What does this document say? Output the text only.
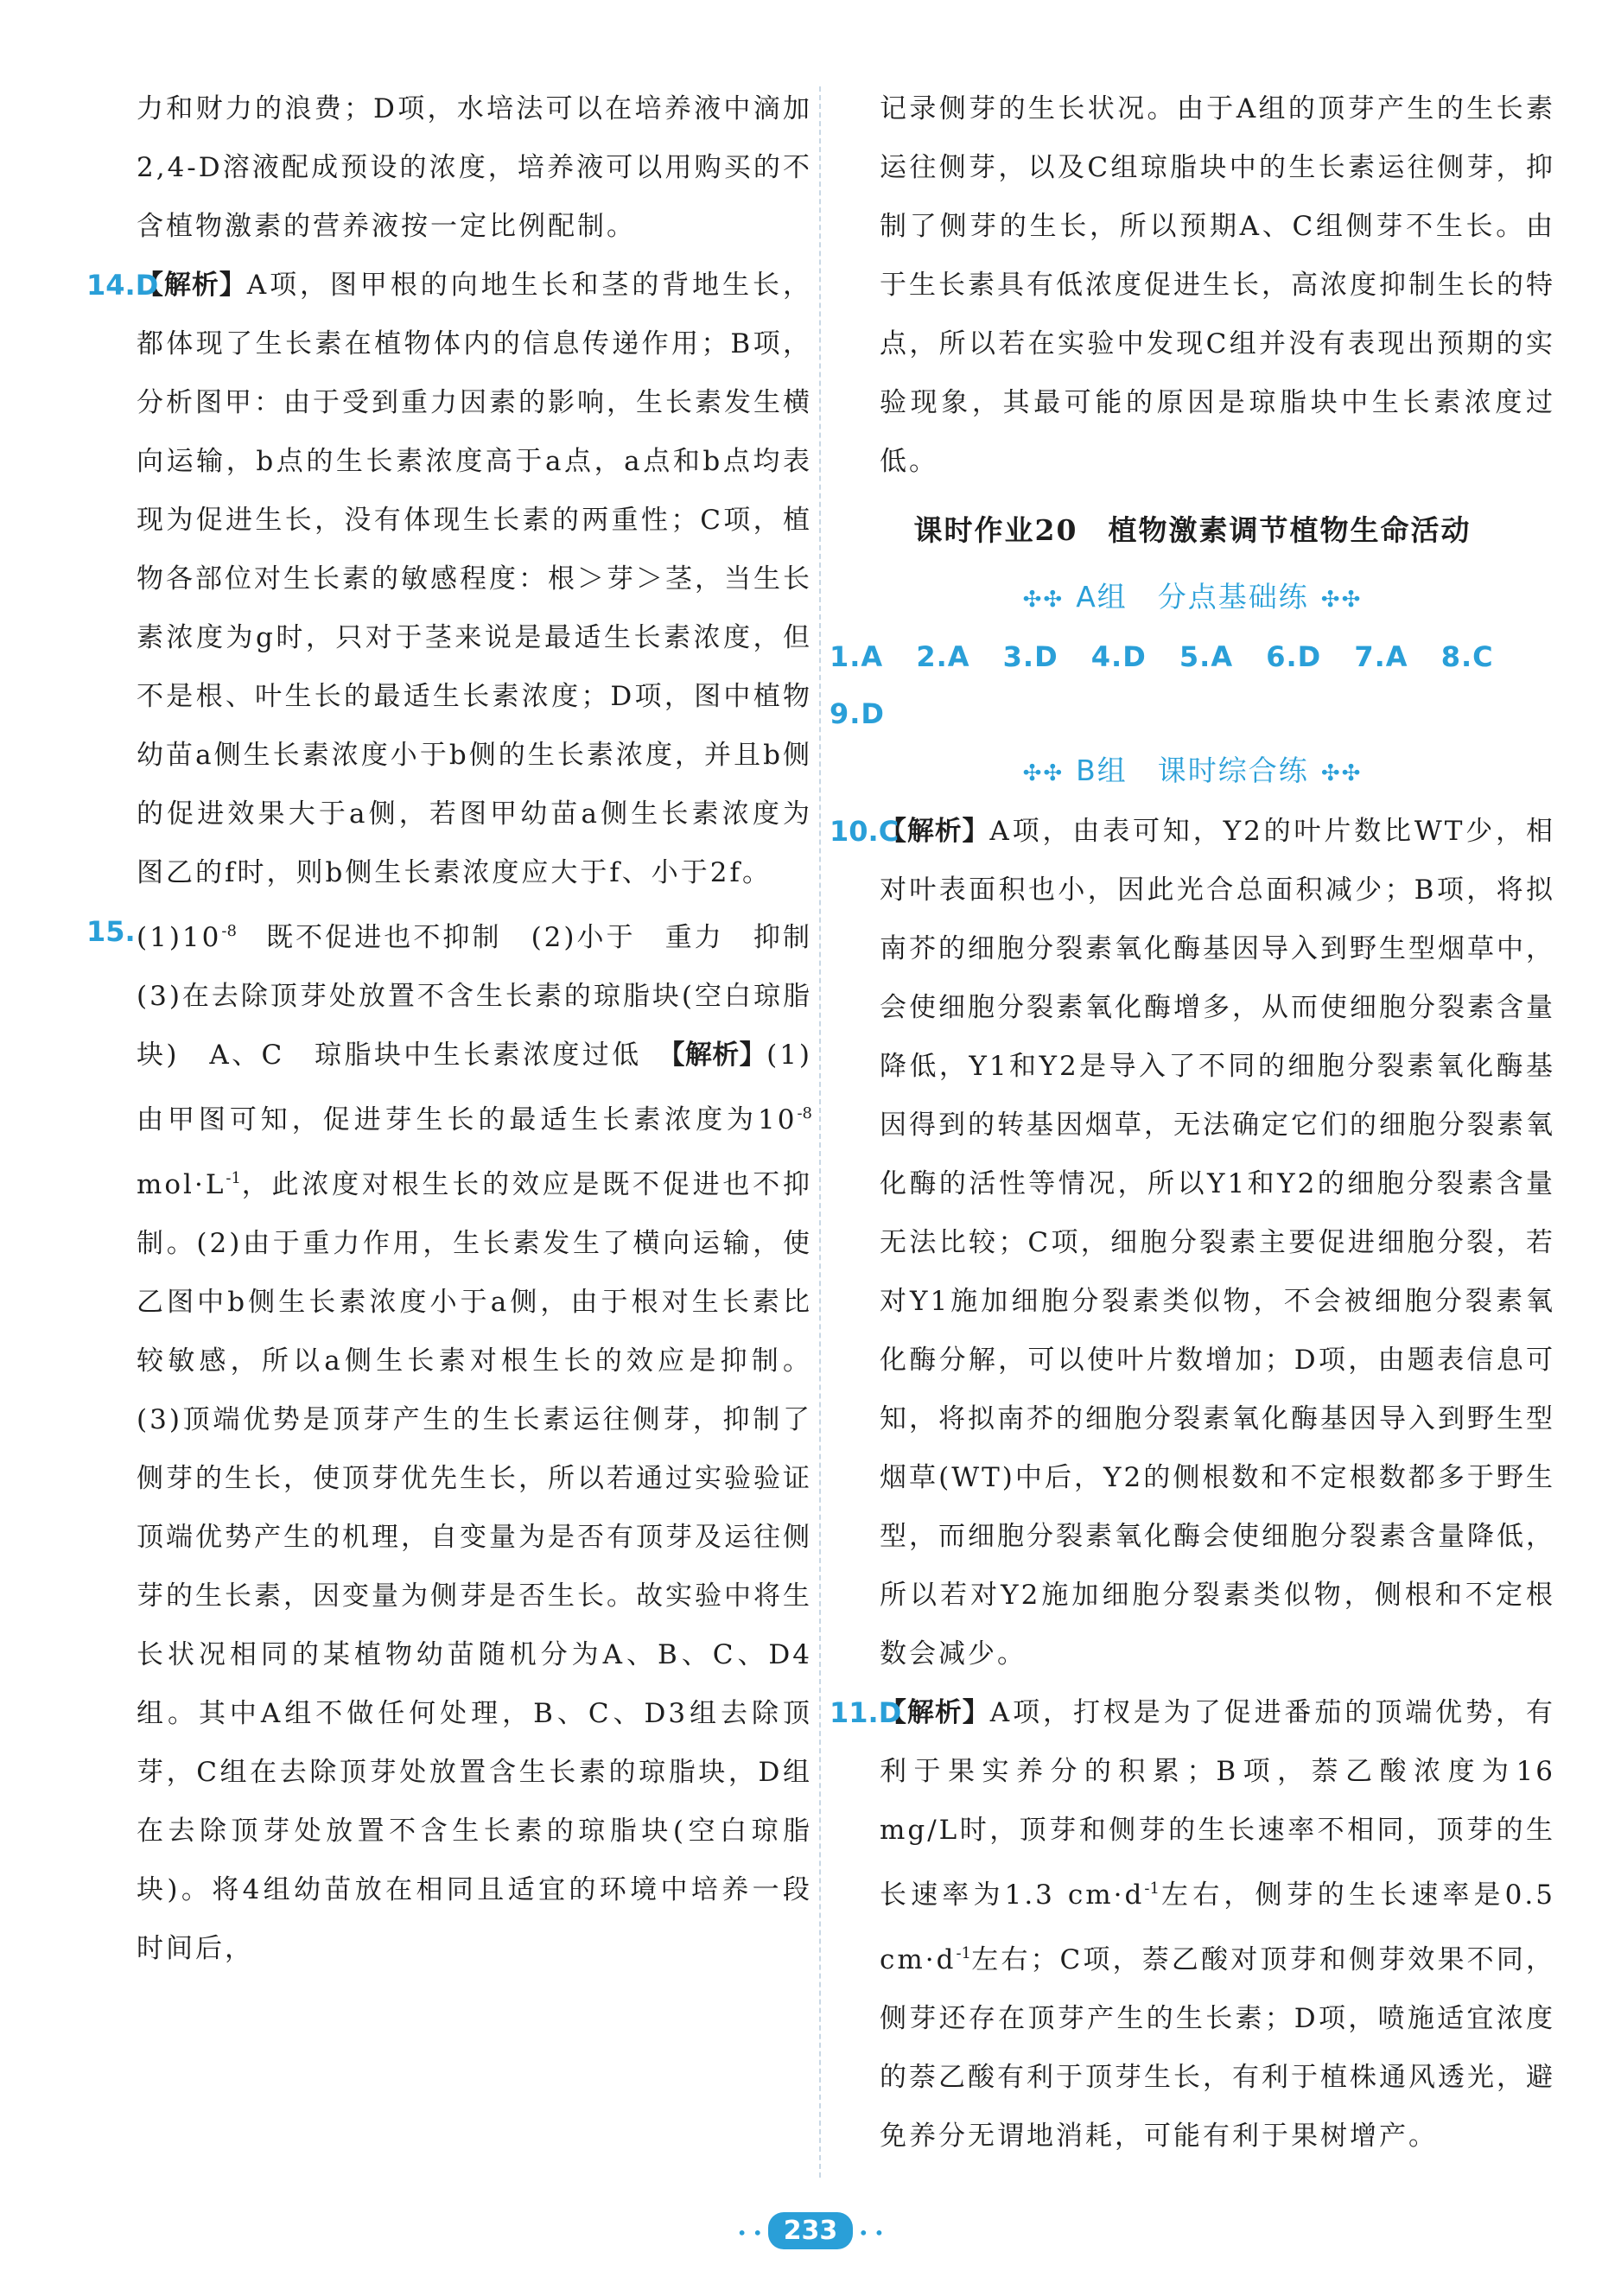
力和财力的浪费；D项，水培法可以在培养液中滴加2,4-D溶液配成预设的浓度，培养液可以用购买的不含植物激素的营养液按一定比例配制。

14.D

【解析】A项，图甲根的向地生长和茎的背地生长，都体现了生长素在植物体内的信息传递作用；B项，分析图甲：由于受到重力因素的影响，生长素发生横向运输，b点的生长素浓度高于a点，a点和b点均表现为促进生长，没有体现生长素的两重性；C项，植物各部位对生长素的敏感程度：根＞芽＞茎，当生长素浓度为g时，只对于茎来说是最适生长素浓度，但不是根、叶生长的最适生长素浓度；D项，图中植物幼苗a侧生长素浓度小于b侧的生长素浓度，并且b侧的促进效果大于a侧，若图甲幼苗a侧生长素浓度为图乙的f时，则b侧生长素浓度应大于f、小于2f。

15. $(1)10^{-8}$　既不促进也不抑制　(2)小于　重力　抑制　(3)在去除顶芽处放置不含生长素的琼脂块(空白琼脂块)　A、C　琼脂块中生长素浓度过低　【解析】(1)由甲图可知，促进芽生长的最适生长素浓度为$10^{-8}$ $mol\cdot L^{-1}$，此浓度对根生长的效应是既不促进也不抑制。(2)由于重力作用，生长素发生了横向运输，使乙图中b侧生长素浓度小于a侧，由于根对生长素比较敏感，所以a侧生长素对根生长的效应是抑制。(3)顶端优势是顶芽产生的生长素运往侧芽，抑制了侧芽的生长，使顶芽优先生长，所以若通过实验验证顶端优势产生的机理，自变量为是否有顶芽及运往侧芽的生长素，因变量为侧芽是否生长。故实验中将生长状况相同的某植物幼苗随机分为A、B、C、D4组。其中A组不做任何处理，B、C、D3组去除顶芽，C组在去除顶芽处放置含生长素的琼脂块，D组在去除顶芽处放置不含生长素的琼脂块(空白琼脂块)。将4组幼苗放在相同且适宜的环境中培养一段时间后，

记录侧芽的生长状况。由于A组的顶芽产生的生长素运往侧芽，以及C组琼脂块中的生长素运往侧芽，抑制了侧芽的生长，所以预期A、C组侧芽不生长。由于生长素具有低浓度促进生长，高浓度抑制生长的特点，所以若在实验中发现C组并没有表现出预期的实验现象，其最可能的原因是琼脂块中生长素浓度过低。

课时作业20　植物激素调节植物生命活动
✣✣ A组　分点基础练 ✣✣
1.A 2.A 3.D 4.D 5.A 6.D 7.A 8.C
9.D
✣✣ B组　课时综合练 ✣✣
10.C

【解析】A项，由表可知，Y2的叶片数比WT少，相对叶表面积也小，因此光合总面积减少；B项，将拟南芥的细胞分裂素氧化酶基因导入到野生型烟草中，会使细胞分裂素氧化酶增多，从而使细胞分裂素含量降低，Y1和Y2是导入了不同的细胞分裂素氧化酶基因得到的转基因烟草，无法确定它们的细胞分裂素氧化酶的活性等情况，所以Y1和Y2的细胞分裂素含量无法比较；C项，细胞分裂素主要促进细胞分裂，若对Y1施加细胞分裂素类似物，不会被细胞分裂素氧化酶分解，可以使叶片数增加；D项，由题表信息可知，将拟南芥的细胞分裂素氧化酶基因导入到野生型烟草(WT)中后，Y2的侧根数和不定根数都多于野生型，而细胞分裂素氧化酶会使细胞分裂素含量降低，所以若对Y2施加细胞分裂素类似物，侧根和不定根数会减少。

11.D

【解析】A项，打杈是为了促进番茄的顶端优势，有利于果实养分的积累；B项，萘乙酸浓度为16 mg/L时，顶芽和侧芽的生长速率不相同，顶芽的生长速率为1.3 $cm\cdot d^{-1}$左右，侧芽的生长速率是0.5 $cm\cdot d^{-1}$左右；C项，萘乙酸对顶芽和侧芽效果不同，侧芽还存在顶芽产生的生长素；D项，喷施适宜浓度的萘乙酸有利于顶芽生长，有利于植株通风透光，避免养分无谓地消耗，可能有利于果树增产。

• • 233 • •
